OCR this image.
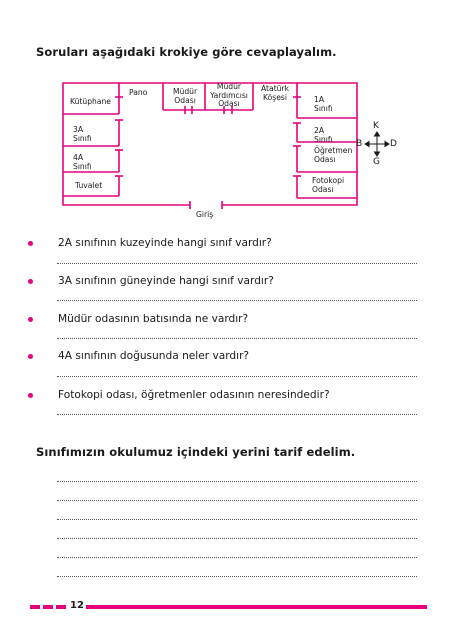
Soruları aşağıdaki krokiye göre cevaplayalım.
Kütüphane
Pano	Müdür
Odası
Müdür
Yardımcısı
Odası
Atatürk
Köşesi	1A Sınıfı
3A Sınıfı
2A Sınıfı
4A Sınıfı
Öğretmen
Odası
Tuvalet
Fotokopi
Odası
Giriş
K
G
B	D
2A sınıfının kuzeyinde hangi sınıf vardır?
3A sınıfının güneyinde hangi sınıf vardır?
Müdür odasının batısında ne vardır?
4A sınıfının doğusunda neler vardır?
Fotokopi odası, öğretmenler odasının neresindedir?
Sınıfımızın okulumuz içindeki yerini tarif edelim.
12
